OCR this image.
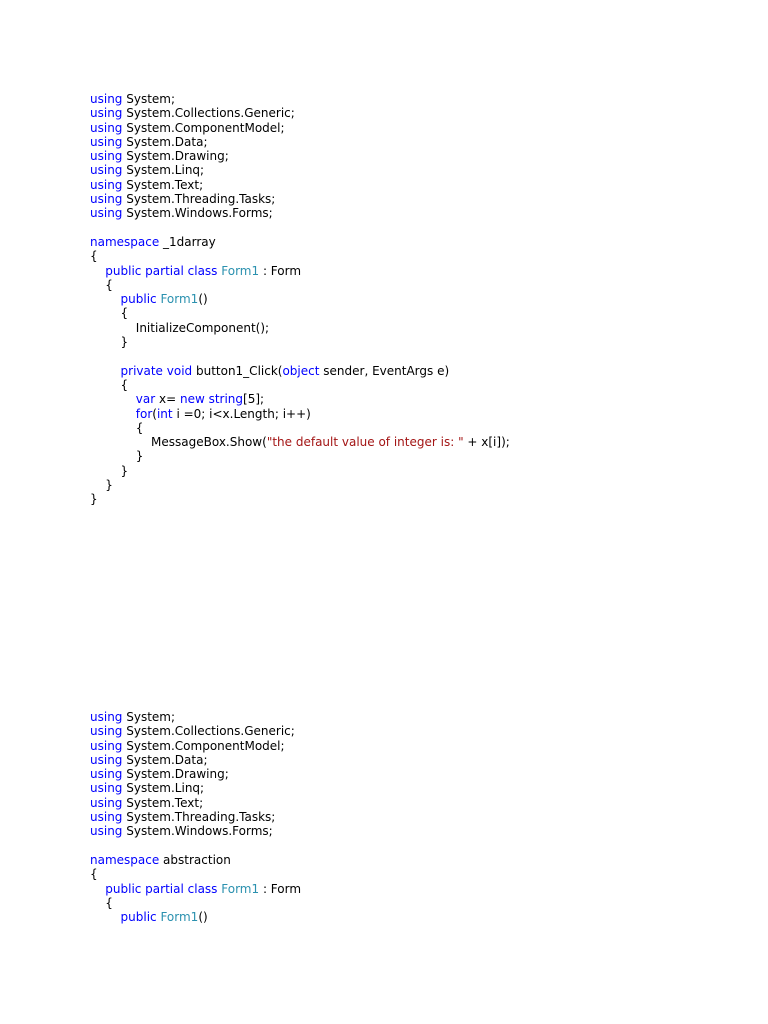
using System;
using System.Collections.Generic;
using System.ComponentModel;
using System.Data;
using System.Drawing;
using System.Linq;
using System.Text;
using System.Threading.Tasks;
using System.Windows.Forms;

namespace _1darray
{
public partial class Form1 : Form
{
public Form1()
{
InitializeComponent();
}

private void button1_Click(object sender, EventArgs e)
{
var x= new string[5];
for(int i =0; i<x.Length; i++)
{
MessageBox.Show("the default value of integer is: " + x[i]);
}
}
}
}
using System;
using System.Collections.Generic;
using System.ComponentModel;
using System.Data;
using System.Drawing;
using System.Linq;
using System.Text;
using System.Threading.Tasks;
using System.Windows.Forms;

namespace abstraction
{
public partial class Form1 : Form
{
public Form1()
